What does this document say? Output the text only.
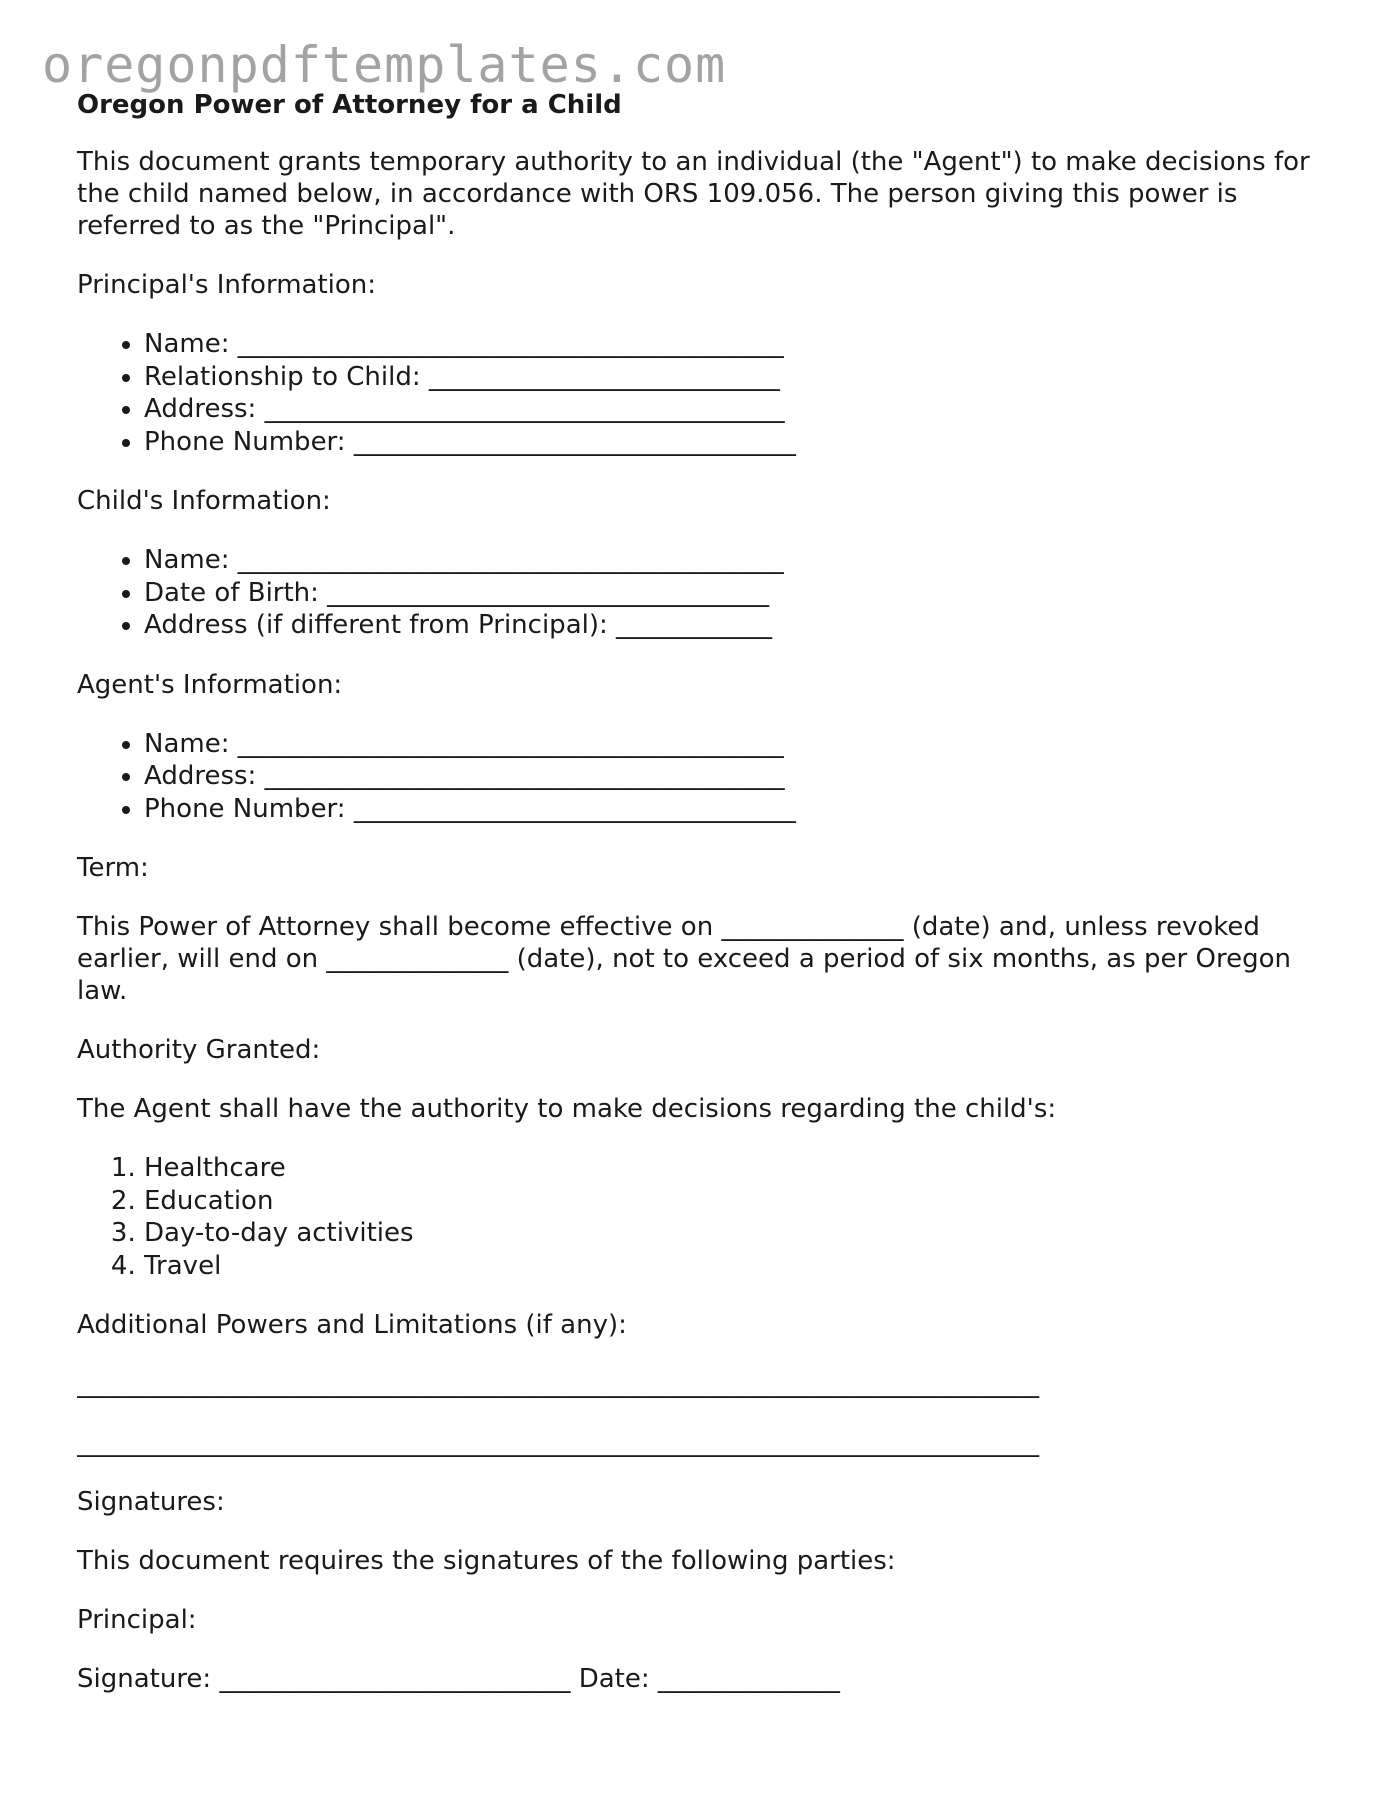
oregonpdftemplates.com
Oregon Power of Attorney for a Child

This document grants temporary authority to an individual (the "Agent") to make decisions for the child named below, in accordance with ORS 109.056. The person giving this power is referred to as the "Principal".

Principal's Information:

• Name: __________________________________________
• Relationship to Child: ___________________________
• Address: ________________________________________
• Phone Number: __________________________________

Child's Information:

• Name: __________________________________________
• Date of Birth: __________________________________
• Address (if different from Principal): ____________

Agent's Information:

• Name: __________________________________________
• Address: ________________________________________
• Phone Number: __________________________________

Term:

This Power of Attorney shall become effective on ______________ (date) and, unless revoked earlier, will end on ______________ (date), not to exceed a period of six months, as per Oregon law.

Authority Granted:

The Agent shall have the authority to make decisions regarding the child's:

1. Healthcare
2. Education
3. Day-to-day activities
4. Travel

Additional Powers and Limitations (if any):

__________________________________________________________________________
__________________________________________________________________________

Signatures:

This document requires the signatures of the following parties:

Principal:

Signature: ___________________________ Date: ______________
